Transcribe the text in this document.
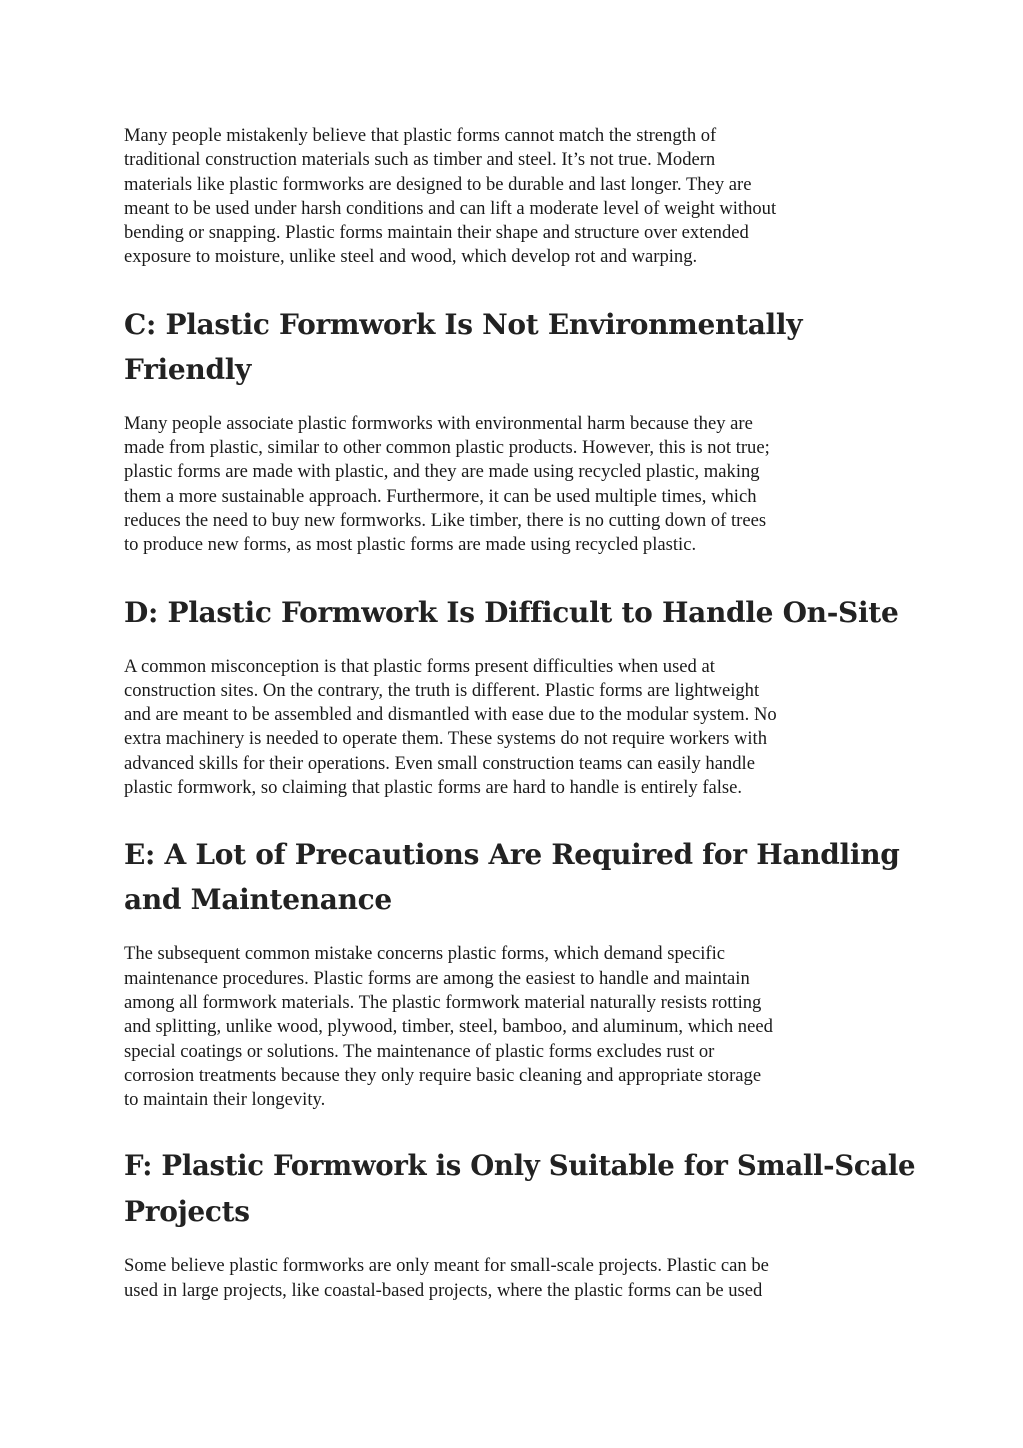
Many people mistakenly believe that plastic forms cannot match the strength of
traditional construction materials such as timber and steel. It’s not true. Modern
materials like plastic formworks are designed to be durable and last longer. They are
meant to be used under harsh conditions and can lift a moderate level of weight without
bending or snapping. Plastic forms maintain their shape and structure over extended
exposure to moisture, unlike steel and wood, which develop rot and warping.

C: Plastic Formwork Is Not Environmentally
Friendly

Many people associate plastic formworks with environmental harm because they are
made from plastic, similar to other common plastic products. However, this is not true;
plastic forms are made with plastic, and they are made using recycled plastic, making
them a more sustainable approach. Furthermore, it can be used multiple times, which
reduces the need to buy new formworks. Like timber, there is no cutting down of trees
to produce new forms, as most plastic forms are made using recycled plastic.

D: Plastic Formwork Is Difficult to Handle On-Site

A common misconception is that plastic forms present difficulties when used at
construction sites. On the contrary, the truth is different. Plastic forms are lightweight
and are meant to be assembled and dismantled with ease due to the modular system. No
extra machinery is needed to operate them. These systems do not require workers with
advanced skills for their operations. Even small construction teams can easily handle
plastic formwork, so claiming that plastic forms are hard to handle is entirely false.

E: A Lot of Precautions Are Required for Handling
and Maintenance

The subsequent common mistake concerns plastic forms, which demand specific
maintenance procedures. Plastic forms are among the easiest to handle and maintain
among all formwork materials. The plastic formwork material naturally resists rotting
and splitting, unlike wood, plywood, timber, steel, bamboo, and aluminum, which need
special coatings or solutions. The maintenance of plastic forms excludes rust or
corrosion treatments because they only require basic cleaning and appropriate storage
to maintain their longevity.

F: Plastic Formwork is Only Suitable for Small-Scale
Projects

Some believe plastic formworks are only meant for small-scale projects. Plastic can be
used in large projects, like coastal-based projects, where the plastic forms can be used
